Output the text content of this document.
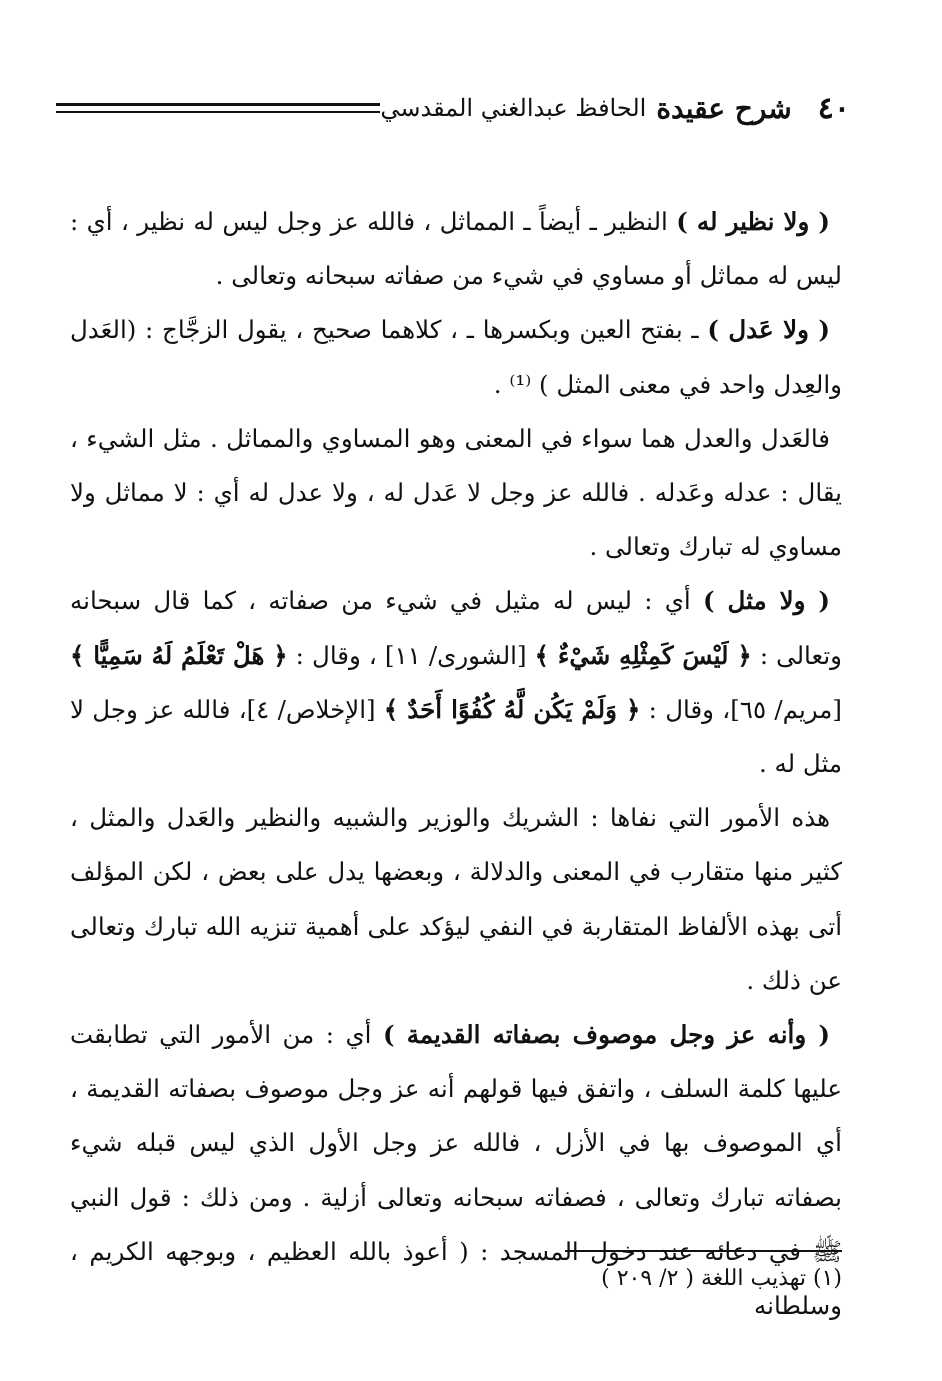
٤٠
شرح عقيدة
الحافظ عبدالغني المقدسي

( ولا نظير له ) النظير ـ أيضاً ـ المماثل ، فالله عز وجل ليس له نظير ، أي : ليس له مماثل أو مساوي في شيء من صفاته سبحانه وتعالى .

( ولا عَدل ) ـ بفتح العين وبكسرها ـ ، كلاهما صحيح ، يقول الزجَّاج : (العَدل والعِدل واحد في معنى المثل ) ⁽¹⁾ .

فالعَدل والعدل هما سواء في المعنى وهو المساوي والمماثل . مثل الشيء ، يقال : عدله وعَدله . فالله عز وجل لا عَدل له ، ولا عدل له أي : لا مماثل ولا مساوي له تبارك وتعالى .

( ولا مثل ) أي : ليس له مثيل في شيء من صفاته ، كما قال سبحانه وتعالى : ﴿ لَيْسَ كَمِثْلِهِ شَيْءٌ ﴾ [الشورى/ ١١] ، وقال : ﴿ هَلْ تَعْلَمُ لَهُ سَمِيًّا ﴾ [مريم/ ٦٥]، وقال : ﴿ وَلَمْ يَكُن لَّهُ كُفُوًا أَحَدٌ ﴾ [الإخلاص/ ٤]، فالله عز وجل لا مثل له .

هذه الأمور التي نفاها : الشريك والوزير والشبيه والنظير والعَدل والمثل ، كثير منها متقارب في المعنى والدلالة ، وبعضها يدل على بعض ، لكن المؤلف أتى بهذه الألفاظ المتقاربة في النفي ليؤكد على أهمية تنزيه الله تبارك وتعالى عن ذلك .

( وأنه عز وجل موصوف بصفاته القديمة ) أي : من الأمور التي تطابقت عليها كلمة السلف ، واتفق فيها قولهم أنه عز وجل موصوف بصفاته القديمة ، أي الموصوف بها في الأزل ، فالله عز وجل الأول الذي ليس قبله شيء بصفاته تبارك وتعالى ، فصفاته سبحانه وتعالى أزلية . ومن ذلك : قول النبي ﷺ في دعائه عند دخول المسجد : ( أعوذ بالله العظيم ، وبوجهه الكريم ، وسلطانه

(١) تهذيب اللغة ( ٢/ ٢٠٩ )
